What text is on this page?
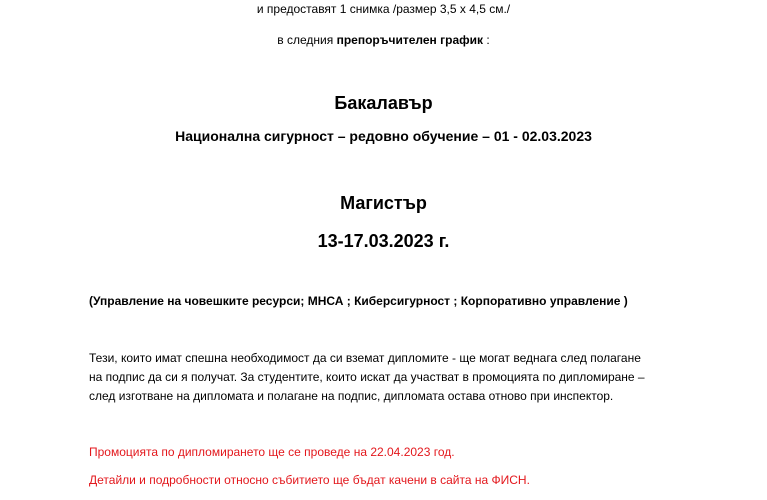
и предоставят 1 снимка /размер 3,5 х 4,5 см./
в следния препоръчителен график :
Бакалавър
Национална сигурност – редовно обучение – 01 - 02.03.2023
Магистър
13-17.03.2023 г.
(Управление на човешките ресурси; МНСА ; Киберсигурност ; Корпоративно управление )
Тези, които имат спешна необходимост да си вземат дипломите - ще могат веднага след полагане
на подпис да си я получат. За студентите, които искат да участват в промоцията по дипломиране –
след изготване на дипломата и полагане на подпис, дипломата остава отново при инспектор.
Промоцията по дипломирането ще се проведе на 22.04.2023 год.
Детайли и подробности относно събитието ще бъдат качени в сайта на ФИСН.
